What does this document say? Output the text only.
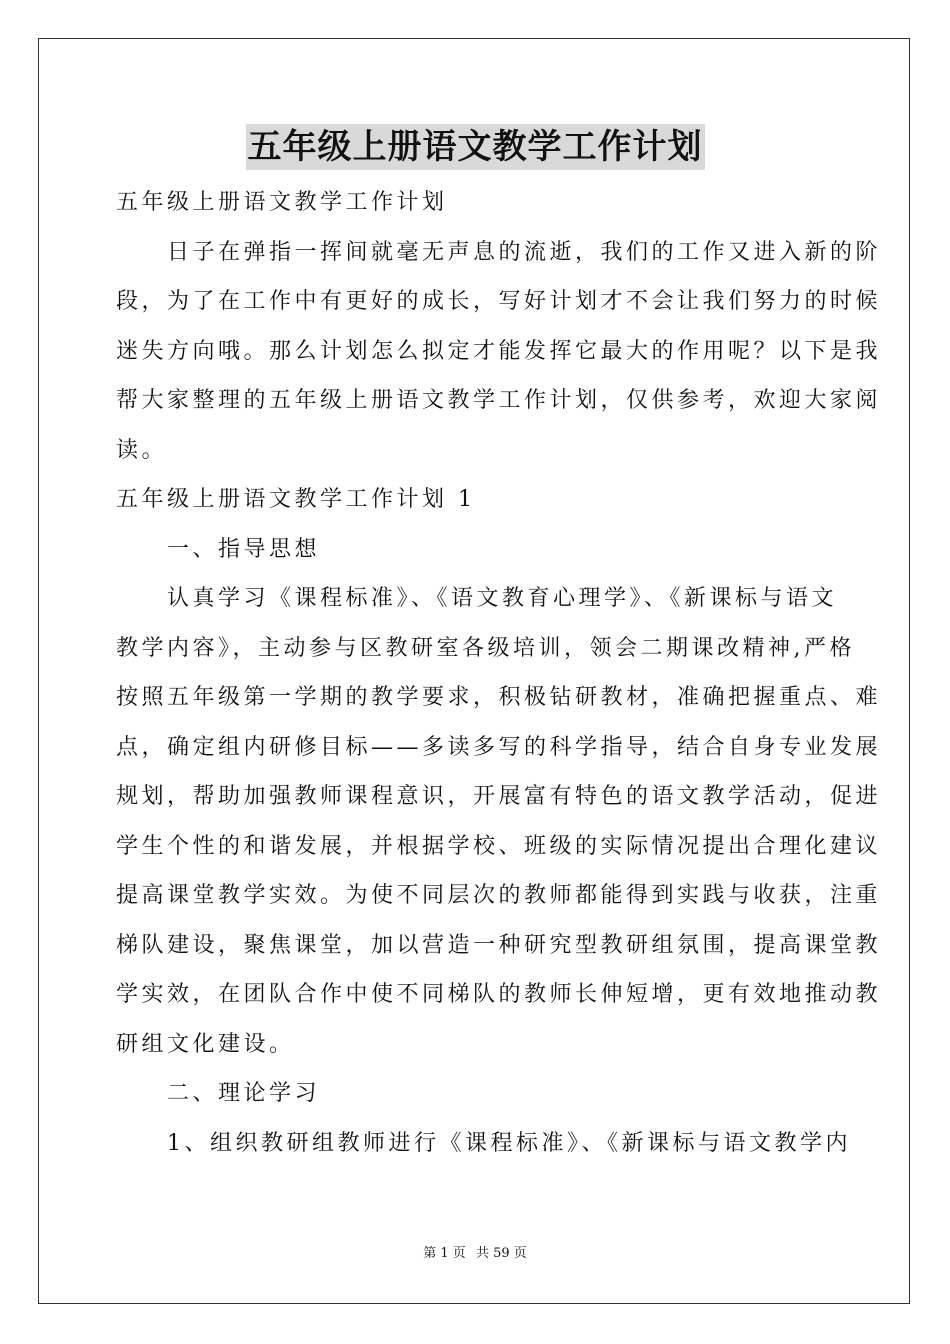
五年级上册语文教学工作计划
五年级上册语文教学工作计划
　　日子在弹指一挥间就毫无声息的流逝，我们的工作又进入新的阶
段，为了在工作中有更好的成长，写好计划才不会让我们努力的时候
迷失方向哦。那么计划怎么拟定才能发挥它最大的作用呢？以下是我
帮大家整理的五年级上册语文教学工作计划，仅供参考，欢迎大家阅
读。
五年级上册语文教学工作计划 1
　　一、指导思想
　　认真学习《课程标准》、《语文教育心理学》、《新课标与语文
教学内容》，主动参与区教研室各级培训，领会二期课改精神,严格
按照五年级第一学期的教学要求，积极钻研教材，准确把握重点、难
点，确定组内研修目标——多读多写的科学指导，结合自身专业发展
规划，帮助加强教师课程意识，开展富有特色的语文教学活动，促进
学生个性的和谐发展，并根据学校、班级的实际情况提出合理化建议
提高课堂教学实效。为使不同层次的教师都能得到实践与收获，注重
梯队建设，聚焦课堂，加以营造一种研究型教研组氛围，提高课堂教
学实效，在团队合作中使不同梯队的教师长伸短增，更有效地推动教
研组文化建设。
　　二、理论学习
　　1、组织教研组教师进行《课程标准》、《新课标与语文教学内
第 1 页 共 59 页
